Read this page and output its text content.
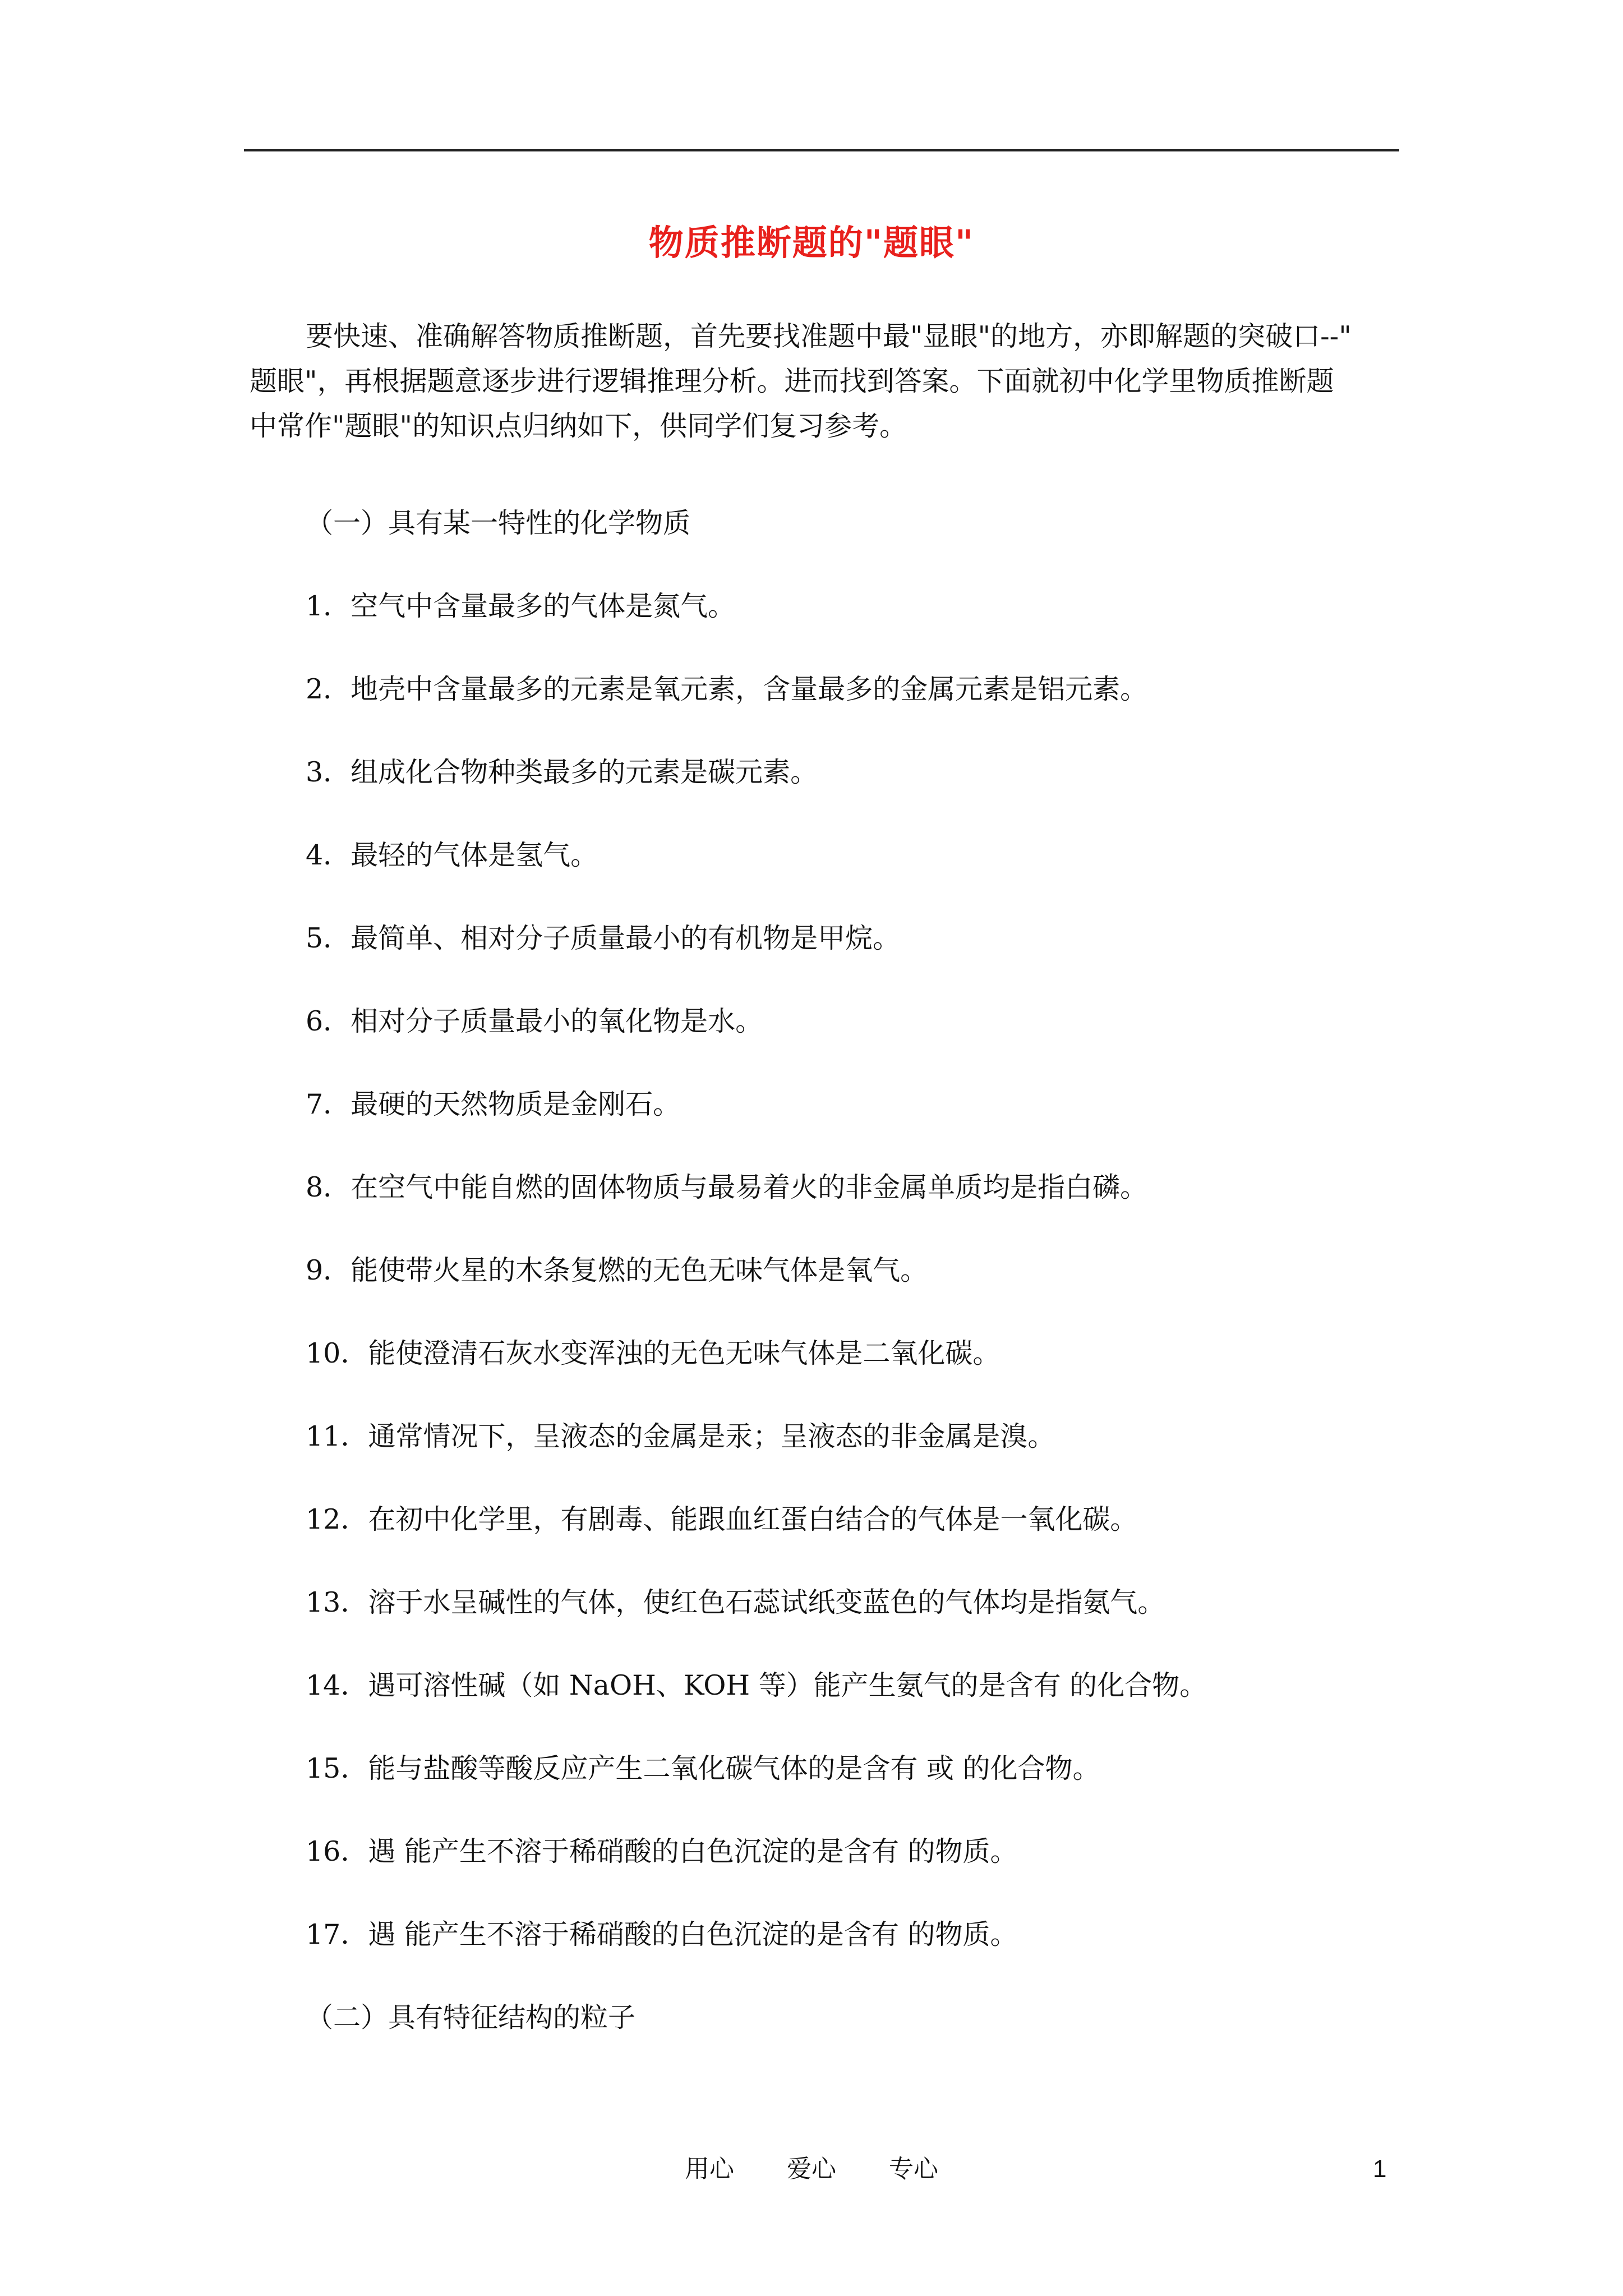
物质推断题的"题眼"
要快速、准确解答物质推断题，首先要找准题中最"显眼"的地方，亦即解题的突破口--"
题眼"，再根据题意逐步进行逻辑推理分析。进而找到答案。下面就初中化学里物质推断题
中常作"题眼"的知识点归纳如下，供同学们复习参考。
（一）具有某一特性的化学物质
1．空气中含量最多的气体是氮气。
2．地壳中含量最多的元素是氧元素，含量最多的金属元素是铝元素。
3．组成化合物种类最多的元素是碳元素。
4．最轻的气体是氢气。
5．最简单、相对分子质量最小的有机物是甲烷。
6．相对分子质量最小的氧化物是水。
7．最硬的天然物质是金刚石。
8．在空气中能自燃的固体物质与最易着火的非金属单质均是指白磷。
9．能使带火星的木条复燃的无色无味气体是氧气。
10．能使澄清石灰水变浑浊的无色无味气体是二氧化碳。
11．通常情况下，呈液态的金属是汞；呈液态的非金属是溴。
12．在初中化学里，有剧毒、能跟血红蛋白结合的气体是一氧化碳。
13．溶于水呈碱性的气体，使红色石蕊试纸变蓝色的气体均是指氨气。
14．遇可溶性碱（如 NaOH、KOH 等）能产生氨气的是含有 的化合物。
15．能与盐酸等酸反应产生二氧化碳气体的是含有 或 的化合物。
16．遇 能产生不溶于稀硝酸的白色沉淀的是含有 的物质。
17．遇 能产生不溶于稀硝酸的白色沉淀的是含有 的物质。
（二）具有特征结构的粒子
用心 爱心 专心	1
